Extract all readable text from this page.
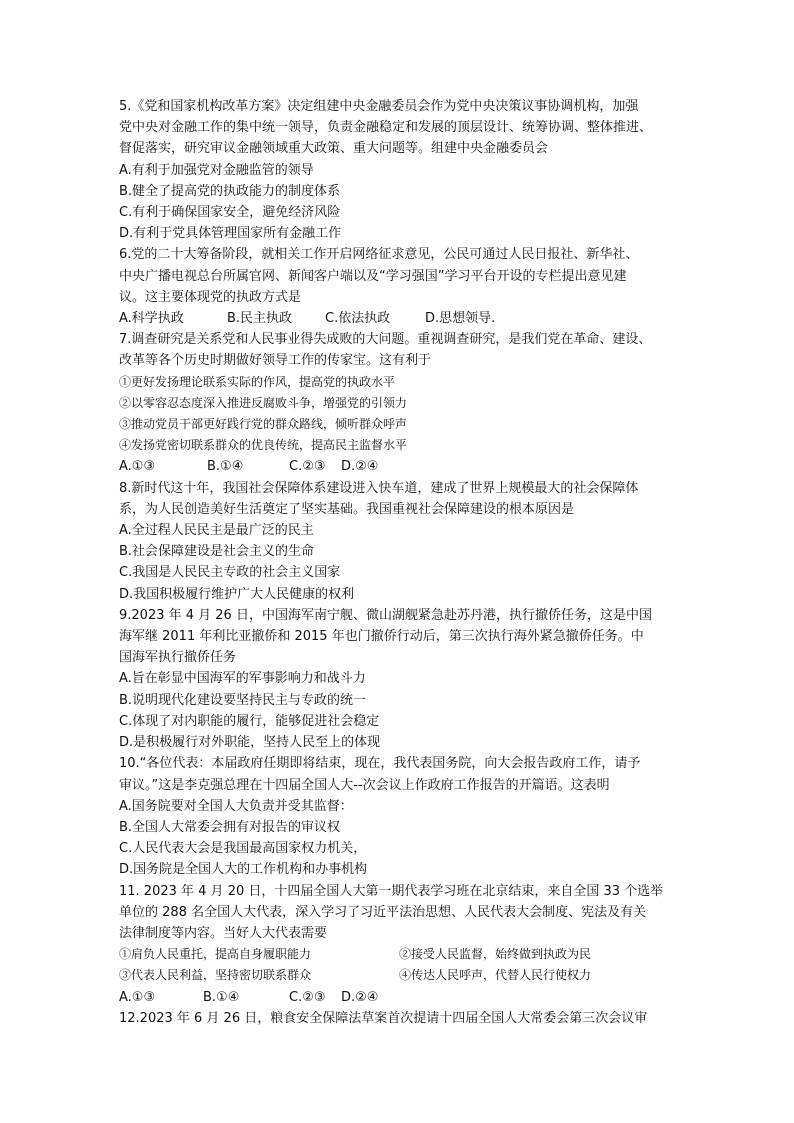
5.《党和国家机构改革方案》决定组建中央金融委员会作为党中央决策议事协调机构，加强

党中央对金融工作的集中统一领导，负责金融稳定和发展的顶层设计、统筹协调、整体推进、

督促落实，研究审议金融领域重大政策、重大问题等。组建中央金融委员会

A.有利于加强党对金融监管的领导

B.健全了提高党的执政能力的制度体系

C.有利于确保国家安全，避免经济风险

D.有利于党具体管理国家所有金融工作

6.党的二十大筹备阶段，就相关工作开启网络征求意见，公民可通过人民日报社、新华社、

中央广播电视总台所属官网、新闻客户端以及“学习强国”学习平台开设的专栏提出意见建

议。这主要体现党的执政方式是

A.科学执政	B.民主执政	C.依法执政	D.思想领导.

7.调查研究是关系党和人民事业得失成败的大问题。重视调查研究，是我们党在革命、建设、

改革等各个历史时期做好领导工作的传家宝。这有利于

①更好发扬理论联系实际的作风，提高党的执政水平

②以零容忍态度深入推进反腐败斗争，增强党的引领力

③推动党员干部更好践行党的群众路线，倾听群众呼声

④发扬党密切联系群众的优良传统，提高民主监督水平

A.①③	B.①④	C.②③	D.②④

8.新时代这十年，我国社会保障体系建设进入快车道，建成了世界上规模最大的社会保障体

系，为人民创造美好生活奠定了坚实基础。我国重视社会保障建设的根本原因是

A.全过程人民民主是最广泛的民主

B.社会保障建设是社会主义的生命

C.我国是人民民主专政的社会主义国家

D.我国积极履行维护广大人民健康的权利

9.2023 年 4 月 26 日，中国海军南宁舰、微山湖舰紧急赴苏丹港，执行撤侨任务，这是中国

海军继 2011 年利比亚撤侨和 2015 年也门撤侨行动后，第三次执行海外紧急撤侨任务。中

国海军执行撤侨任务

A.旨在彰显中国海军的军事影响力和战斗力

B.说明现代化建设要坚持民主与专政的统一

C.体现了对内职能的履行，能够促进社会稳定

D.是积极履行对外职能，坚持人民至上的体现

10.“各位代表：本届政府任期即将结束，现在，我代表国务院，向大会报告政府工作，请予

审议。”这是李克强总理在十四届全国人大--次会议上作政府工作报告的开篇语。这表明

A.国务院要对全国人大负责并受其监督：

B.全国人大常委会拥有对报告的审议权

C.人民代表大会是我国最高国家权力机关，

D.国务院是全国人大的工作机构和办事机构

11. 2023 年 4 月 20 日，十四届全国人大第一期代表学习班在北京结束，来自全国 33 个选举

单位的 288 名全国人大代表，深入学习了习近平法治思想、人民代表大会制度、宪法及有关

法律制度等内容。当好人大代表需要

①肩负人民重托，提高自身履职能力	②接受人民监督，始终做到执政为民
③代表人民利益，坚持密切联系群众	④传达人民呼声，代替人民行使权力
A.①③	B.①④	C.②③	D.②④

12.2023 年 6 月 26 日，粮食安全保障法草案首次提请十四届全国人大常委会第三次会议审
